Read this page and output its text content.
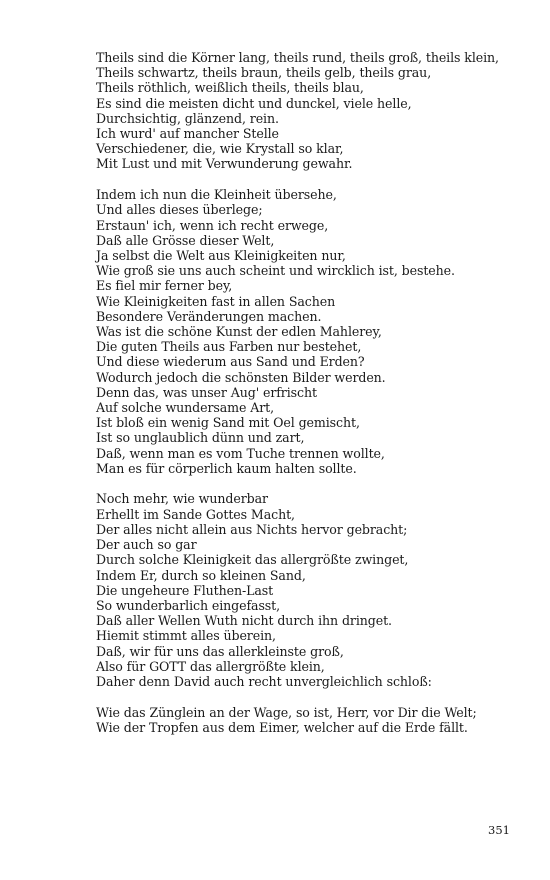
Theils sind die Körner lang, theils rund, theils groß, theils klein,
Theils schwartz, theils braun, theils gelb, theils grau,
Theils röthlich, weißlich theils, theils blau,
Es sind die meisten dicht und dunckel, viele helle,
Durchsichtig, glänzend, rein.
Ich wurd' auf mancher Stelle
Verschiedener, die, wie Krystall so klar,
Mit Lust und mit Verwunderung gewahr.
Indem ich nun die Kleinheit übersehe,
Und alles dieses überlege;
Erstaun' ich, wenn ich recht erwege,
Daß alle Grösse dieser Welt,
Ja selbst die Welt aus Kleinigkeiten nur,
Wie groß sie uns auch scheint und wircklich ist, bestehe.
Es fiel mir ferner bey,
Wie Kleinigkeiten fast in allen Sachen
Besondere Veränderungen machen.
Was ist die schöne Kunst der edlen Mahlerey,
Die guten Theils aus Farben nur bestehet,
Und diese wiederum aus Sand und Erden?
Wodurch jedoch die schönsten Bilder werden.
Denn das, was unser Aug' erfrischt
Auf solche wundersame Art,
Ist bloß ein wenig Sand mit Oel gemischt,
Ist so unglaublich dünn und zart,
Daß, wenn man es vom Tuche trennen wollte,
Man es für cörperlich kaum halten sollte.
Noch mehr, wie wunderbar
Erhellt im Sande Gottes Macht,
Der alles nicht allein aus Nichts hervor gebracht;
Der auch so gar
Durch solche Kleinigkeit das allergrößte zwinget,
Indem Er, durch so kleinen Sand,
Die ungeheure Fluthen-Last
So wunderbarlich eingefasst,
Daß aller Wellen Wuth nicht durch ihn dringet.
Hiemit stimmt alles überein,
Daß, wir für uns das allerkleinste groß,
Also für GOTT das allergrößte klein,
Daher denn David auch recht unvergleichlich schloß:
Wie das Zünglein an der Wage, so ist, Herr, vor Dir die Welt;
Wie der Tropfen aus dem Eimer, welcher auf die Erde fällt.
351
